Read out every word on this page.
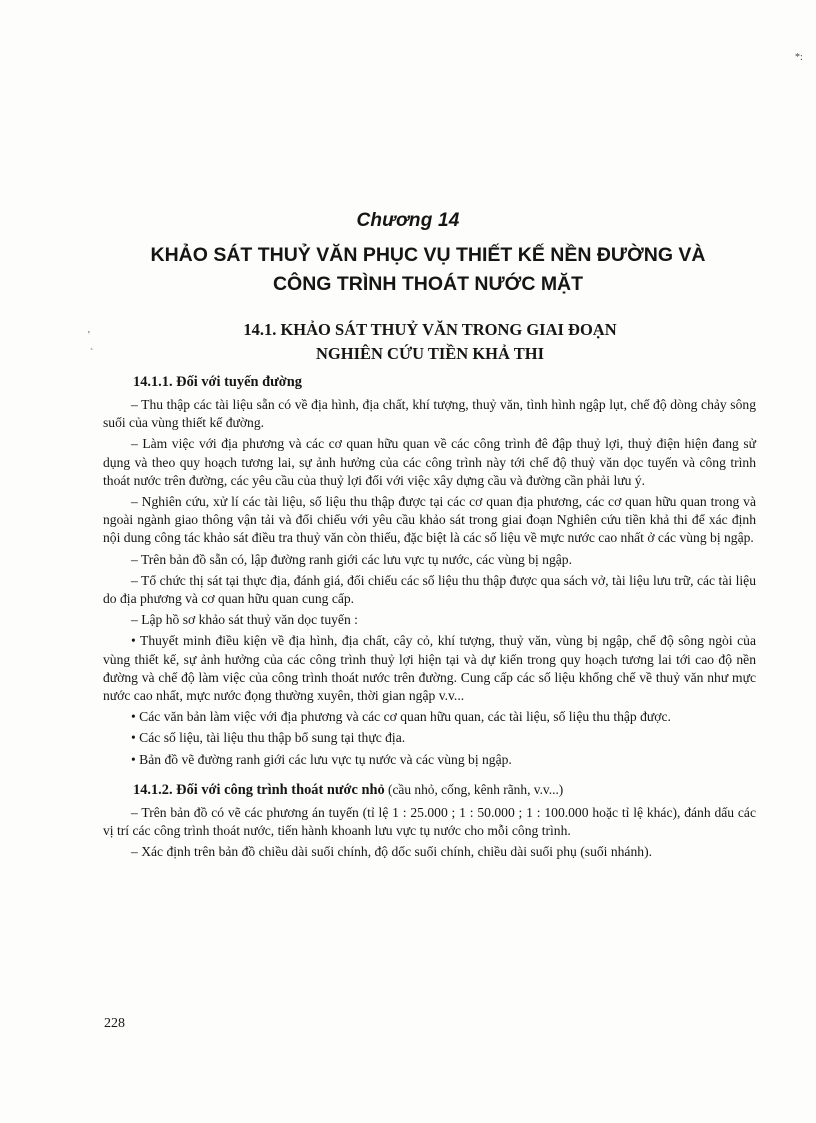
Chương 14
KHẢO SÁT THUỶ VĂN PHỤC VỤ THIẾT KẾ NỀN ĐƯỜNG VÀ
CÔNG TRÌNH THOÁT NƯỚC MẶT
14.1. KHẢO SÁT THUỶ VĂN TRONG GIAI ĐOẠN
NGHIÊN CỨU TIỀN KHẢ THI
14.1.1. Đối với tuyến đường

– Thu thập các tài liệu sẵn có về địa hình, địa chất, khí tượng, thuỷ văn, tình hình ngập lụt, chế độ dòng chảy sông suối của vùng thiết kế đường.

– Làm việc với địa phương và các cơ quan hữu quan về các công trình đê đập thuỷ lợi, thuỷ điện hiện đang sử dụng và theo quy hoạch tương lai, sự ảnh hưởng của các công trình này tới chế độ thuỷ văn dọc tuyến và công trình thoát nước trên đường, các yêu cầu của thuỷ lợi đối với việc xây dựng cầu và đường cần phải lưu ý.

– Nghiên cứu, xử lí các tài liệu, số liệu thu thập được tại các cơ quan địa phương, các cơ quan hữu quan trong và ngoài ngành giao thông vận tải và đối chiếu với yêu cầu khảo sát trong giai đoạn Nghiên cứu tiền khả thi để xác định nội dung công tác khảo sát điều tra thuỷ văn còn thiếu, đặc biệt là các số liệu về mực nước cao nhất ở các vùng bị ngập.

– Trên bản đồ sẵn có, lập đường ranh giới các lưu vực tụ nước, các vùng bị ngập.

– Tổ chức thị sát tại thực địa, đánh giá, đối chiếu các số liệu thu thập được qua sách vở, tài liệu lưu trữ, các tài liệu do địa phương và cơ quan hữu quan cung cấp.

– Lập hồ sơ khảo sát thuỷ văn dọc tuyến :

• Thuyết minh điều kiện về địa hình, địa chất, cây cỏ, khí tượng, thuỷ văn, vùng bị ngập, chế độ sông ngòi của vùng thiết kế, sự ảnh hưởng của các công trình thuỷ lợi hiện tại và dự kiến trong quy hoạch tương lai tới cao độ nền đường và chế độ làm việc của công trình thoát nước trên đường. Cung cấp các số liệu khống chế về thuỷ văn như mực nước cao nhất, mực nước đọng thường xuyên, thời gian ngập v.v...

• Các văn bản làm việc với địa phương và các cơ quan hữu quan, các tài liệu, số liệu thu thập được.

• Các số liệu, tài liệu thu thập bổ sung tại thực địa.

• Bản đồ vẽ đường ranh giới các lưu vực tụ nước và các vùng bị ngập.

14.1.2. Đối với công trình thoát nước nhỏ (cầu nhỏ, cống, kênh rãnh, v.v...)

– Trên bản đồ có vẽ các phương án tuyến (tỉ lệ 1 : 25.000 ; 1 : 50.000 ; 1 : 100.000 hoặc tỉ lệ khác), đánh dấu các vị trí các công trình thoát nước, tiến hành khoanh lưu vực tụ nước cho mỗi công trình.

– Xác định trên bản đồ chiều dài suối chính, độ dốc suối chính, chiều dài suối phụ (suối nhánh).

228
*:
'
`
